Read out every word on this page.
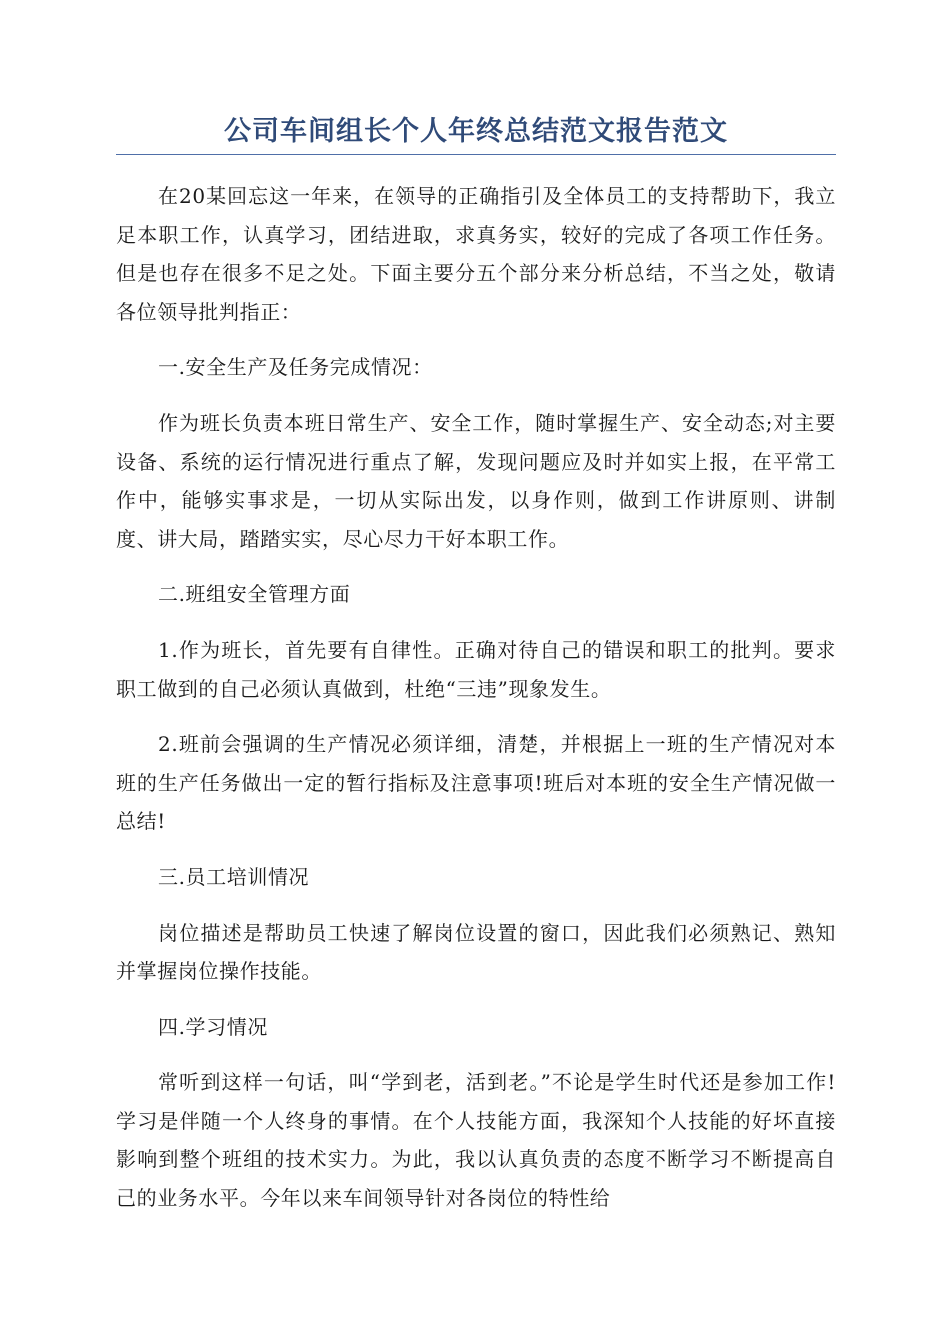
公司车间组长个人年终总结范文报告范文

在20某回忘这一年来，在领导的正确指引及全体员工的支持帮助下，我立足本职工作，认真学习，团结进取，求真务实，较好的完成了各项工作任务。但是也存在很多不足之处。下面主要分五个部分来分析总结，不当之处，敬请各位领导批判指正：

一.安全生产及任务完成情况：

作为班长负责本班日常生产、安全工作，随时掌握生产、安全动态;对主要设备、系统的运行情况进行重点了解，发现问题应及时并如实上报，在平常工作中，能够实事求是，一切从实际出发，以身作则，做到工作讲原则、讲制度、讲大局，踏踏实实，尽心尽力干好本职工作。

二.班组安全管理方面

1.作为班长，首先要有自律性。正确对待自己的错误和职工的批判。要求职工做到的自己必须认真做到，杜绝“三违”现象发生。

2.班前会强调的生产情况必须详细，清楚，并根据上一班的生产情况对本班的生产任务做出一定的暂行指标及注意事项!班后对本班的安全生产情况做一总结!

三.员工培训情况

岗位描述是帮助员工快速了解岗位设置的窗口，因此我们必须熟记、熟知并掌握岗位操作技能。

四.学习情况

常听到这样一句话，叫“学到老，活到老。”不论是学生时代还是参加工作!学习是伴随一个人终身的事情。在个人技能方面，我深知个人技能的好坏直接影响到整个班组的技术实力。为此，我以认真负责的态度不断学习不断提高自己的业务水平。今年以来车间领导针对各岗位的特性给
